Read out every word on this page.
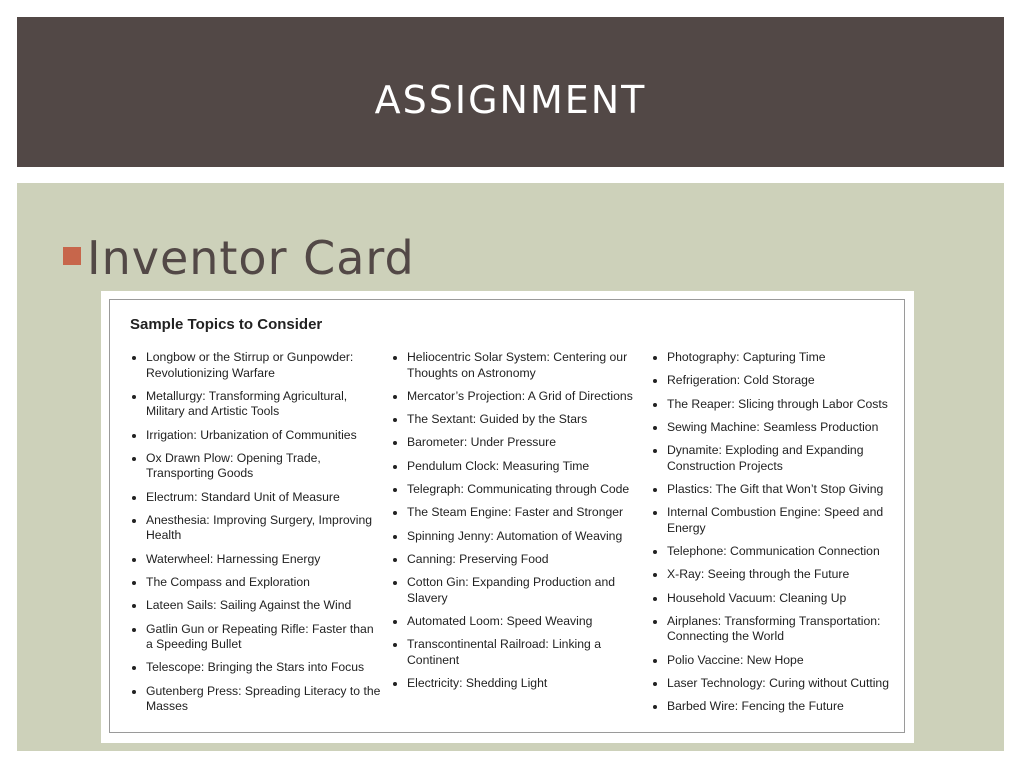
ASSIGNMENT
Inventor Card
Sample Topics to Consider
Longbow or the Stirrup or Gunpowder: Revolutionizing Warfare
Metallurgy: Transforming Agricultural, Military and Artistic Tools
Irrigation: Urbanization of Communities
Ox Drawn Plow: Opening Trade, Transporting Goods
Electrum: Standard Unit of Measure
Anesthesia: Improving Surgery, Improving Health
Waterwheel: Harnessing Energy
The Compass and Exploration
Lateen Sails: Sailing Against the Wind
Gatlin Gun or Repeating Rifle: Faster than a Speeding Bullet
Telescope: Bringing the Stars into Focus
Gutenberg Press: Spreading Literacy to the Masses
Heliocentric Solar System: Centering our Thoughts on Astronomy
Mercator’s Projection: A Grid of Directions
The Sextant: Guided by the Stars
Barometer: Under Pressure
Pendulum Clock: Measuring Time
Telegraph: Communicating through Code
The Steam Engine: Faster and Stronger
Spinning Jenny: Automation of Weaving
Canning: Preserving Food
Cotton Gin: Expanding Production and Slavery
Automated Loom: Speed Weaving
Transcontinental Railroad: Linking a Continent
Electricity: Shedding Light
Photography: Capturing Time
Refrigeration: Cold Storage
The Reaper: Slicing through Labor Costs
Sewing Machine: Seamless Production
Dynamite: Exploding and Expanding Construction Projects
Plastics: The Gift that Won’t Stop Giving
Internal Combustion Engine: Speed and Energy
Telephone: Communication Connection
X-Ray: Seeing through the Future
Household Vacuum: Cleaning Up
Airplanes: Transforming Transportation: Connecting the World
Polio Vaccine: New Hope
Laser Technology: Curing without Cutting
Barbed Wire: Fencing the Future
